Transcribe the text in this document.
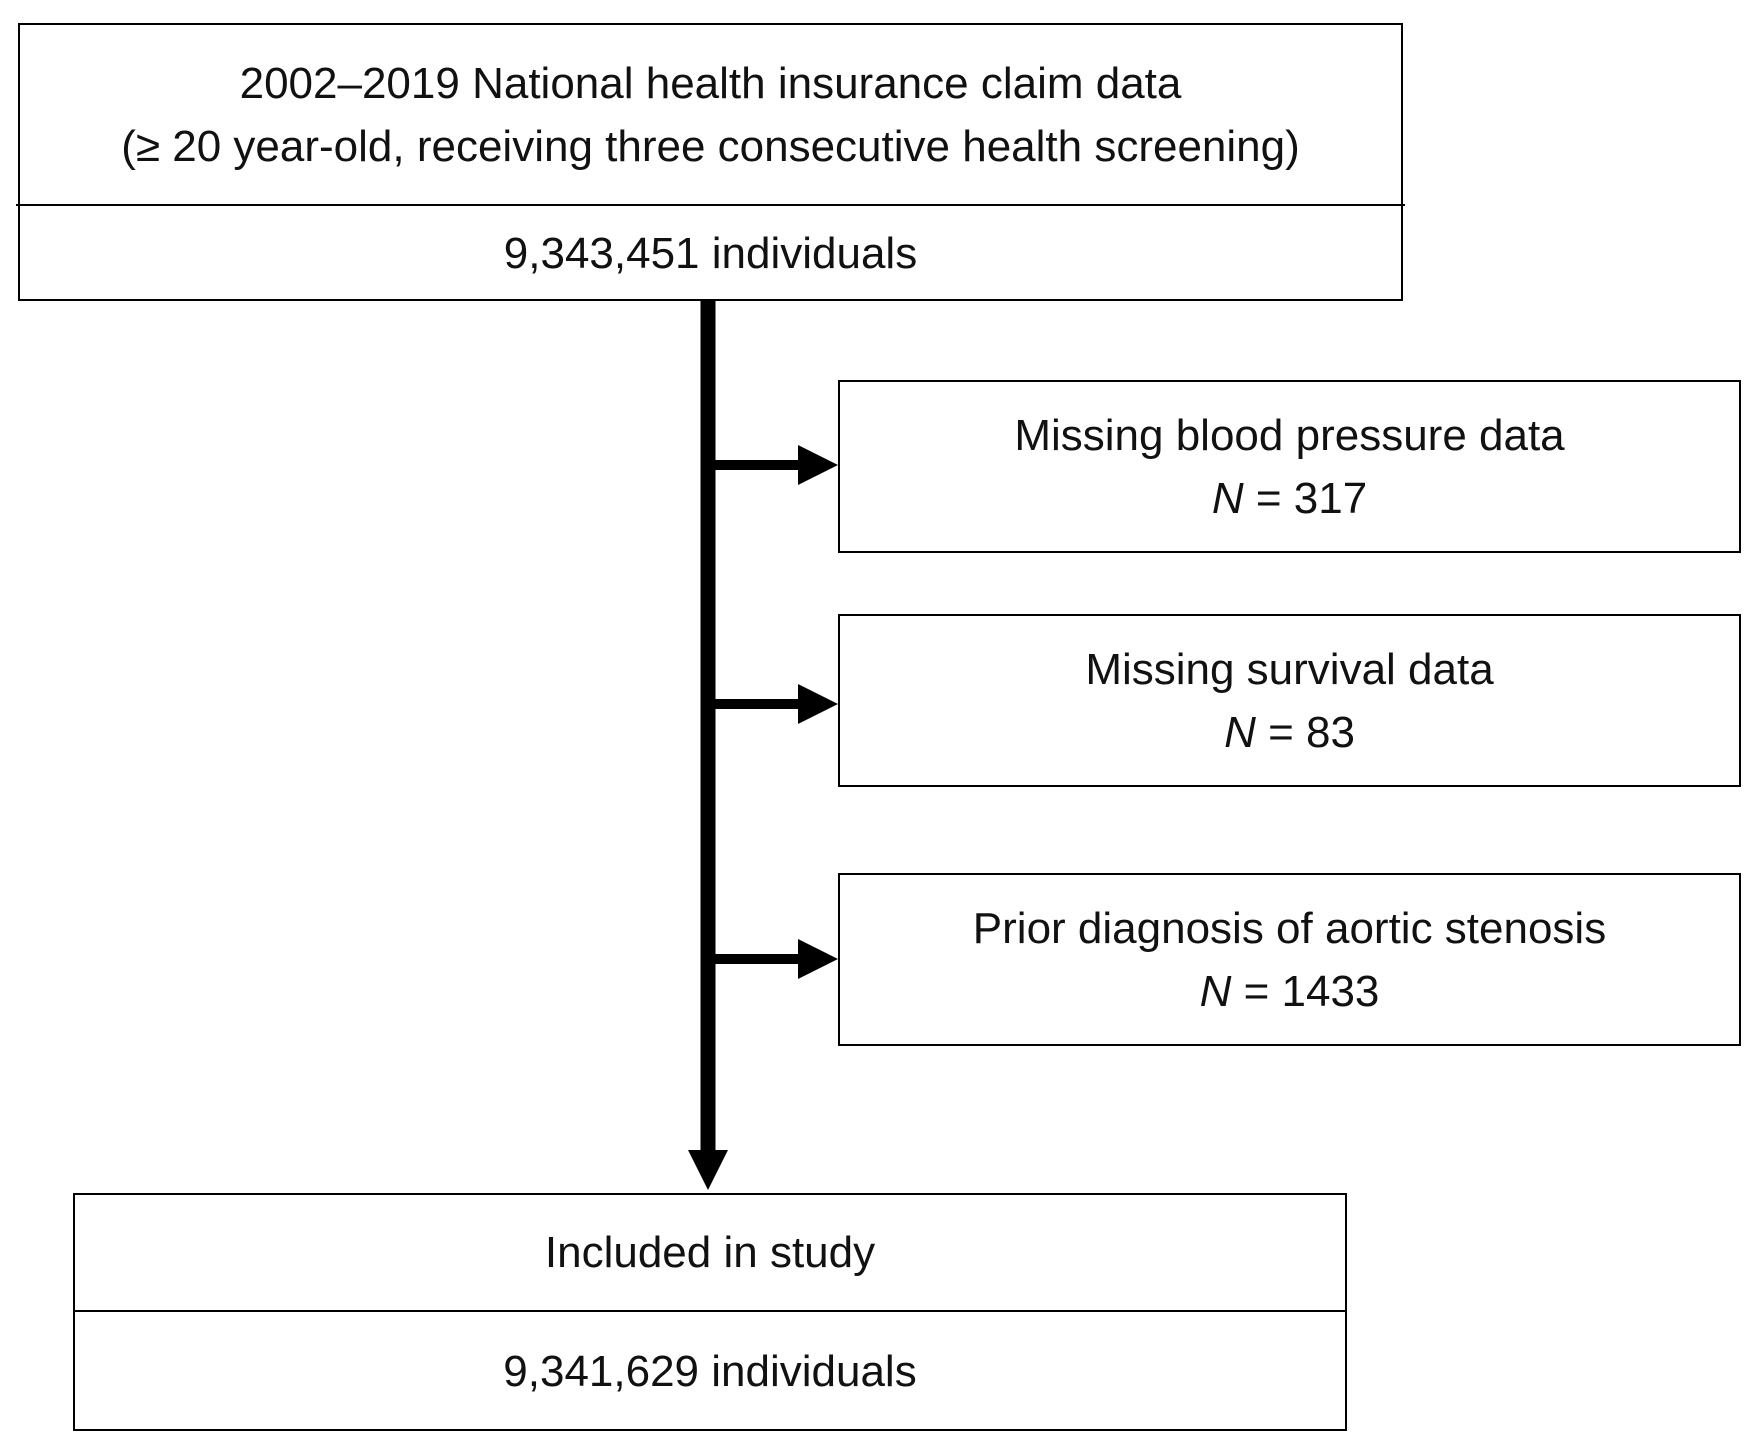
2002–2019 National health insurance claim data
(≥ 20 year-old, receiving three consecutive health screening)
9,343,451 individuals
Missing blood pressure data
N = 317
Missing survival data
N = 83
Prior diagnosis of aortic stenosis
N = 1433
Included in study
9,341,629 individuals
